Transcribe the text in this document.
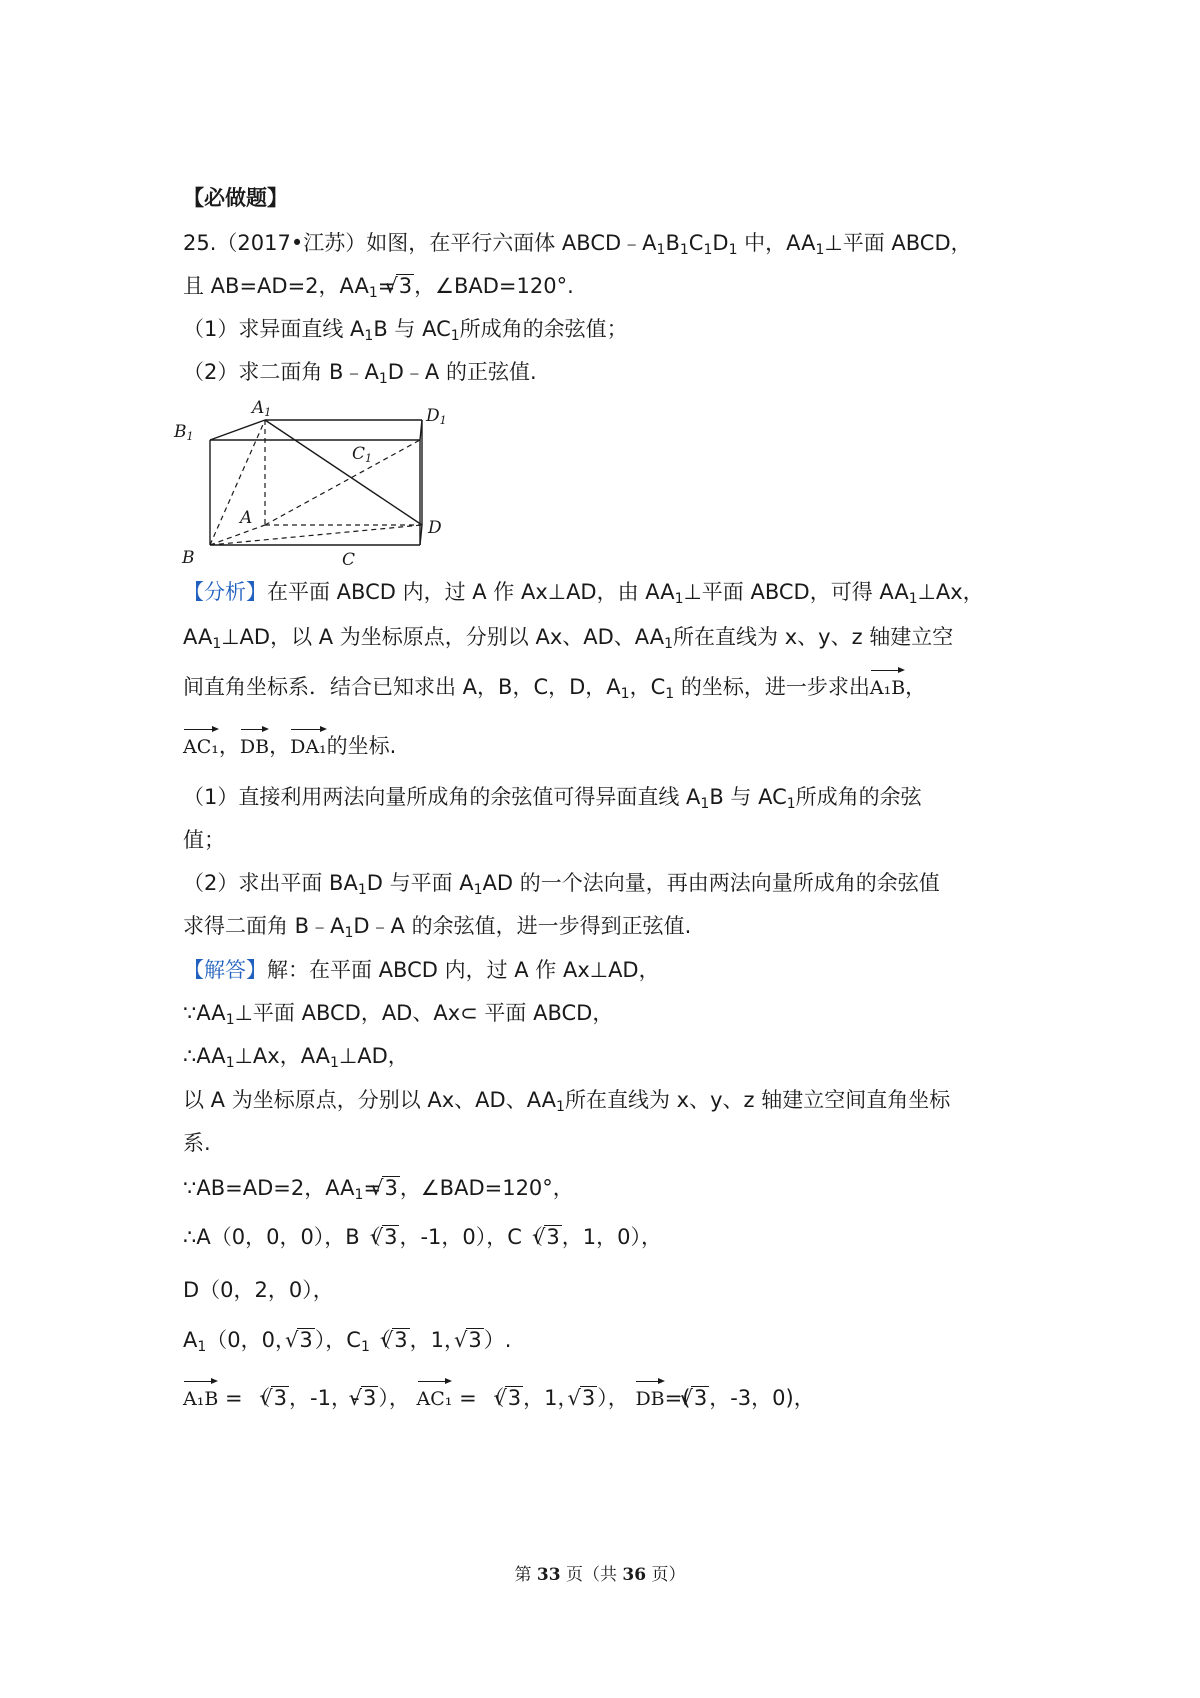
【必做题】
25.（2017•江苏）如图，在平行六面体 $ABCD﹣A_1B_1C_1D_1$ 中，$AA_1\perp$平面 ABCD，
且 AB=AD=2，$AA_1=$ √ 3，∠BAD=120°.
（1）求异面直线 $A_1B$ 与 $AC_1$所成角的余弦值；
（2）求二面角 $B﹣A_1D﹣A$ 的正弦值.
A1
B1
C1
D1
A
B	C
D
【分析】在平面 ABCD 内，过 A 作 Ax⊥AD，由 $AA_1\perp$平面 ABCD，可得 $AA_1\perp Ax$，
$AA_1\perp AD$，以 A 为坐标原点，分别以 Ax、AD、$AA_1$所在直线为 x、y、z 轴建立空
间直角坐标系．结合已知求出 A，B，C，D，$A_1$，$C_1$ 的坐标，进一步求出A₁B，
AC₁，DB，DA₁的坐标.
（1）直接利用两法向量所成角的余弦值可得异面直线 $A_1B$ 与 $AC_1$所成角的余弦
值；
（2）求出平面 $BA_1D$ 与平面 $A_1AD$ 的一个法向量，再由两法向量所成角的余弦值
求得二面角 $B﹣A_1D﹣A$ 的余弦值，进一步得到正弦值.
【解答】解：在平面 ABCD 内，过 A 作 Ax⊥AD，
$\because AA_1\perp$平面 ABCD，AD、Ax⊂ 平面 ABCD，
$\therefore AA_1\perp Ax$，$AA_1\perp AD$，
以 A 为坐标原点，分别以 Ax、AD、$AA_1$所在直线为 x、y、z 轴建立空间直角坐标
系.
∵AB=AD=2，$AA_1=$ √ 3，∠BAD=120°，
∴A（0，0，0），B（ √ 3，-1，0），C（ √ 3，1，0），
D（0，2，0），
$A_1(0$，0， √ 3），$C_1$（ √ 3，1， √ 3）.
A₁B = （ √ 3，-1，- √ 3）， AC₁ = （ √ 3，1， √ 3）， DB=( √ 3，-3，0)，
第 33 页（共 36 页）
